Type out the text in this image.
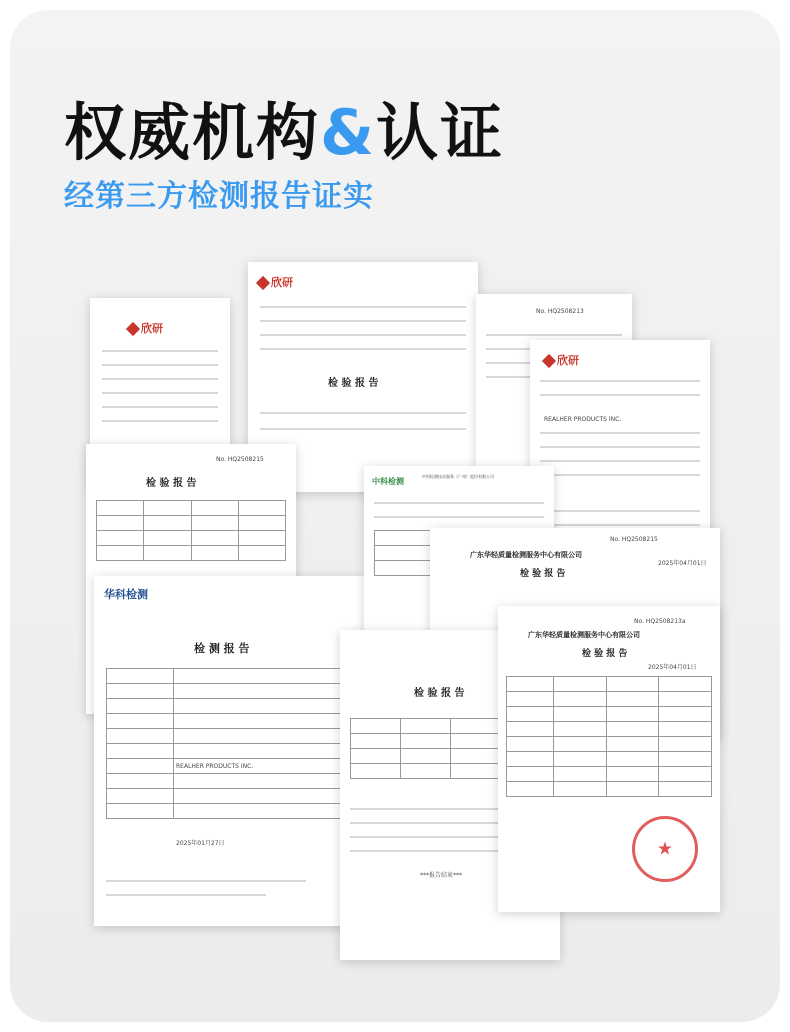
权威机构&认证
经第三方检测报告证实
欣研
欣研
检 验 报 告
No. HQ2508213
欣研
REALHER PRODUCTS INC.
No. HQ2508215
检 验 报 告

华科检测
检 测 报 告

REALHER PRODUCTS INC.
2025年01月27日
中科检测
中科检测技术服务（广州）股份有限公司

No. HQ2508215
广东华轻质量检测服务中心有限公司
检 验 报 告
2025年04月01日
检 验 报 告

***报告结束***
No. HQ2508213a
广东华轻质量检测服务中心有限公司
检 验 报 告
2025年04月01日

★
